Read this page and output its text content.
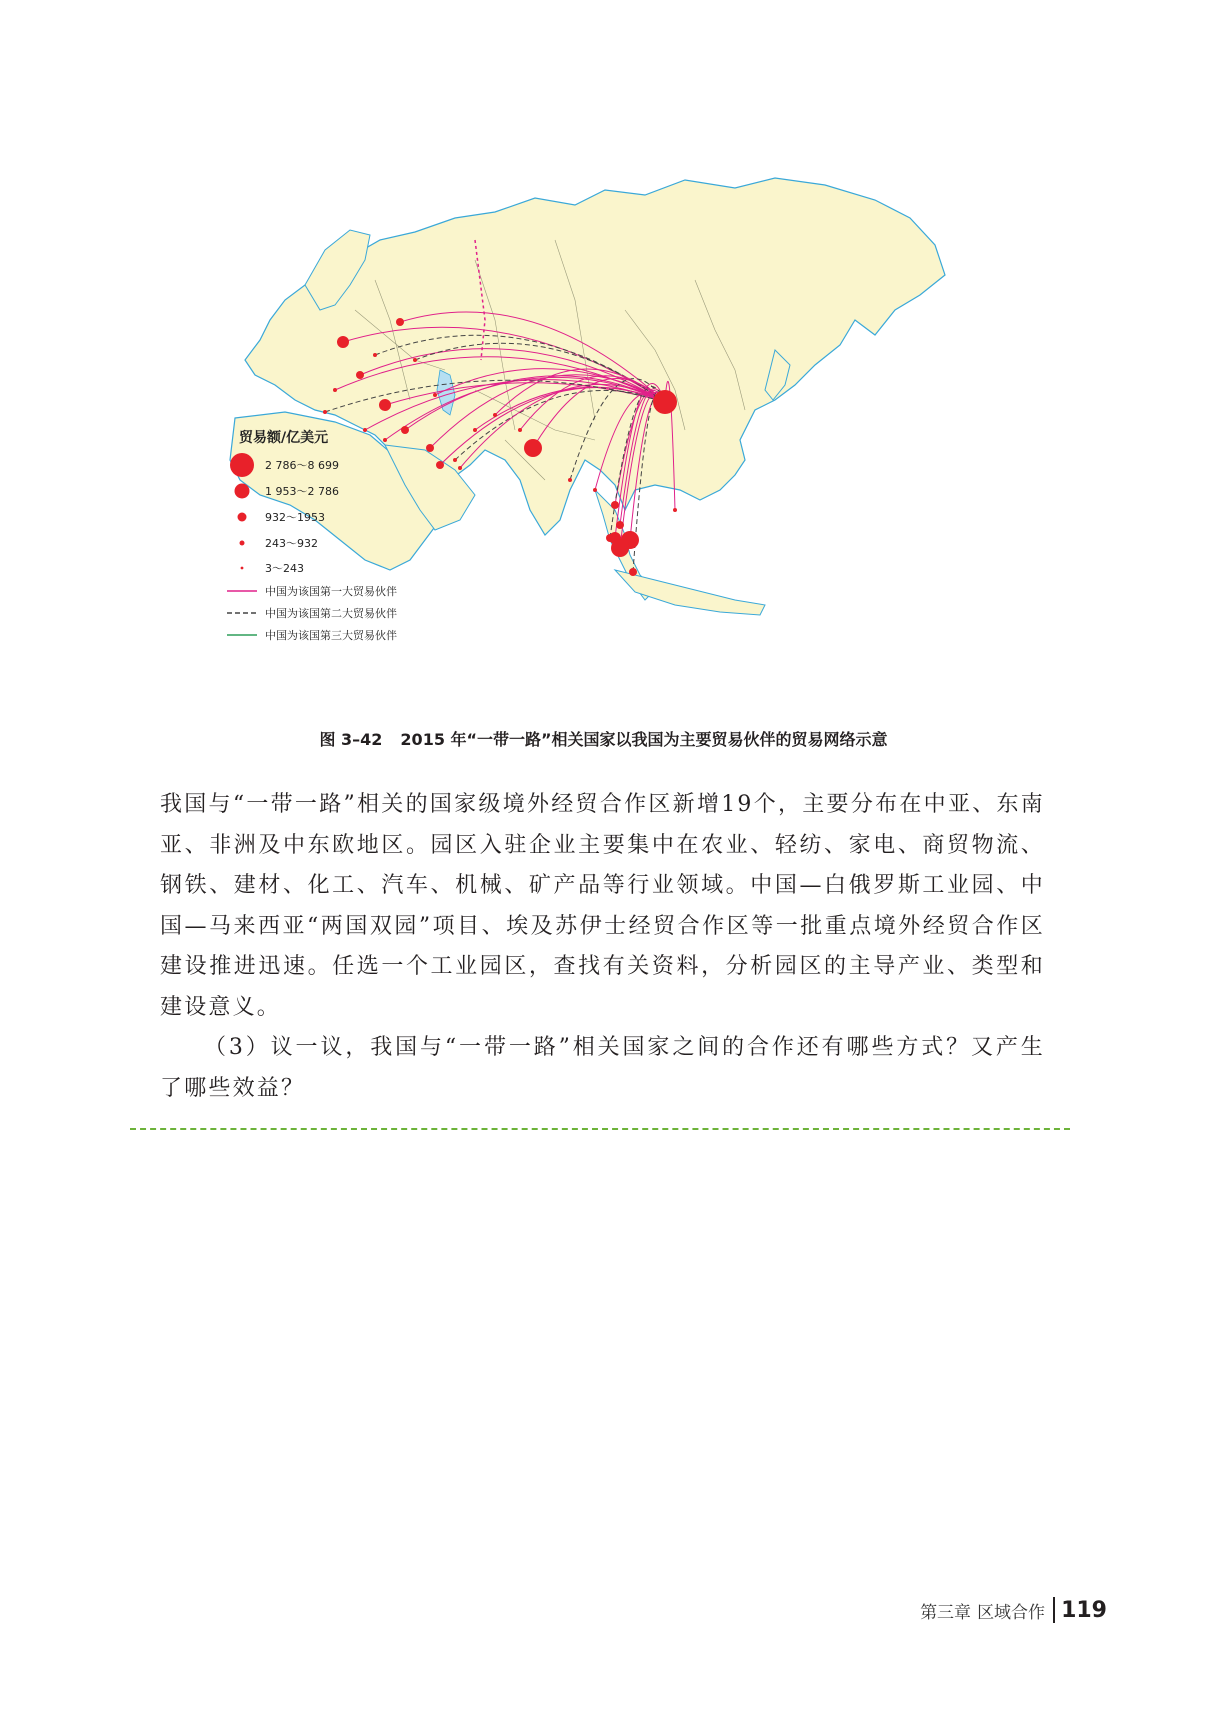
贸易额/亿美元
2 786～8 699
1 953～2 786
932～1953
243～932
3～243
中国为该国第一大贸易伙伴
中国为该国第二大贸易伙伴
中国为该国第三大贸易伙伴
图 3–42 2015 年“一带一路”相关国家以我国为主要贸易伙伴的贸易网络示意

我国与“一带一路”相关的国家级境外经贸合作区新增19个，主要分布在中亚、东南亚、非洲及中东欧地区。园区入驻企业主要集中在农业、轻纺、家电、商贸物流、钢铁、建材、化工、汽车、机械、矿产品等行业领域。中国—白俄罗斯工业园、中国—马来西亚“两国双园”项目、埃及苏伊士经贸合作区等一批重点境外经贸合作区建设推进迅速。任选一个工业园区，查找有关资料，分析园区的主导产业、类型和建设意义。

（3）议一议，我国与“一带一路”相关国家之间的合作还有哪些方式？又产生了哪些效益？

第三章 区域合作 119
